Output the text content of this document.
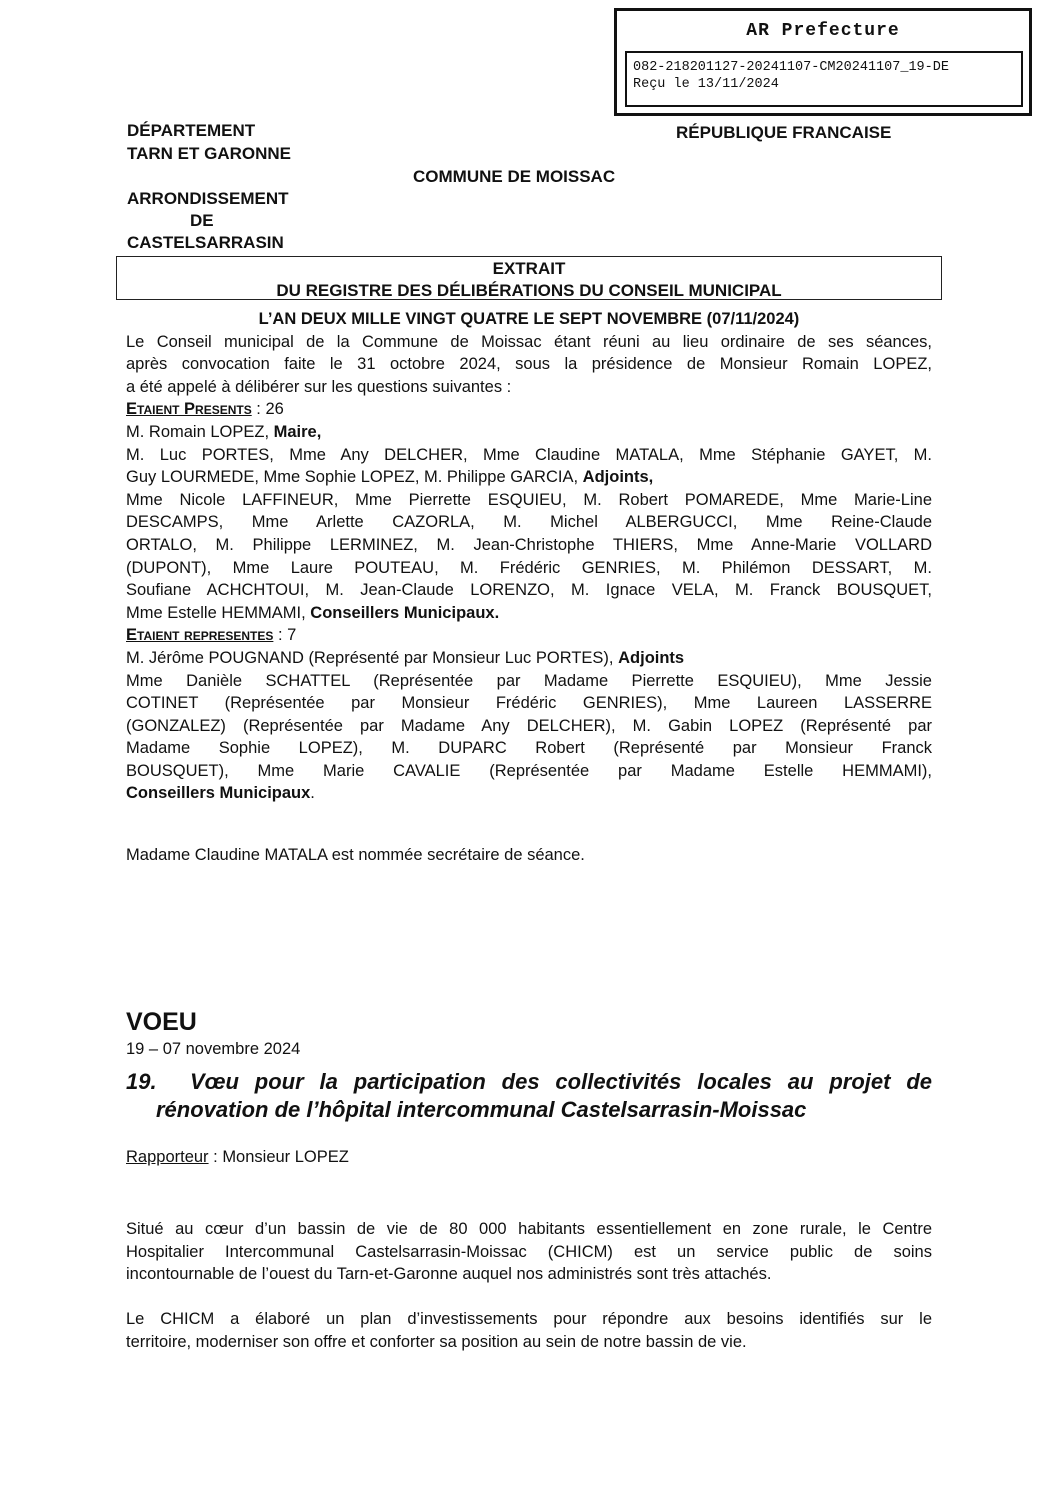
AR Prefecture
082-218201127-20241107-CM20241107_19-DE
Reçu le 13/11/2024
DÉPARTEMENT
TARN ET GARONNE
RÉPUBLIQUE FRANCAISE
COMMUNE DE MOISSAC
ARRONDISSEMENT
DE
CASTELSARRASIN
EXTRAIT
DU REGISTRE DES DÉLIBÉRATIONS DU CONSEIL MUNICIPAL

L’AN DEUX MILLE VINGT QUATRE LE SEPT NOVEMBRE (07/11/2024)

Le Conseil municipal de la Commune de Moissac étant réuni au lieu ordinaire de ses séances,

après convocation faite le 31 octobre 2024, sous la présidence de Monsieur Romain LOPEZ,

a été appelé à délibérer sur les questions suivantes :

Etaient Presents : 26

M. Romain LOPEZ, Maire,

M. Luc PORTES, Mme Any DELCHER, Mme Claudine MATALA, Mme Stéphanie GAYET, M.

Guy LOURMEDE, Mme Sophie LOPEZ, M. Philippe GARCIA, Adjoints,

Mme Nicole LAFFINEUR, Mme Pierrette ESQUIEU, M. Robert POMAREDE, Mme Marie-Line

DESCAMPS, Mme Arlette CAZORLA, M. Michel ALBERGUCCI, Mme Reine-Claude

ORTALO, M. Philippe LERMINEZ, M. Jean-Christophe THIERS, Mme Anne-Marie VOLLARD

(DUPONT), Mme Laure POUTEAU, M. Frédéric GENRIES, M. Philémon DESSART, M.

Soufiane ACHCHTOUI, M. Jean-Claude LORENZO, M. Ignace VELA, M. Franck BOUSQUET,

Mme Estelle HEMMAMI, Conseillers Municipaux.

Etaient representes : 7

M. Jérôme POUGNAND (Représenté par Monsieur Luc PORTES), Adjoints

Mme Danièle SCHATTEL (Représentée par Madame Pierrette ESQUIEU), Mme Jessie

COTINET (Représentée par Monsieur Frédéric GENRIES), Mme Laureen LASSERRE

(GONZALEZ) (Représentée par Madame Any DELCHER), M. Gabin LOPEZ (Représenté par

Madame Sophie LOPEZ), M. DUPARC Robert (Représenté par Monsieur Franck

BOUSQUET), Mme Marie CAVALIE (Représentée par Madame Estelle HEMMAMI),

Conseillers Municipaux.

Madame Claudine MATALA est nommée secrétaire de séance.
VOEU
19 – 07 novembre 2024
19. Vœu pour la participation des collectivités locales au projet de
rénovation de l’hôpital intercommunal Castelsarrasin-Moissac
Rapporteur : Monsieur LOPEZ
Situé au cœur d’un bassin de vie de 80 000 habitants essentiellement en zone rurale, le Centre
Hospitalier Intercommunal Castelsarrasin-Moissac (CHICM) est un service public de soins
incontournable de l’ouest du Tarn-et-Garonne auquel nos administrés sont très attachés.
Le CHICM a élaboré un plan d’investissements pour répondre aux besoins identifiés sur le
territoire, moderniser son offre et conforter sa position au sein de notre bassin de vie.
